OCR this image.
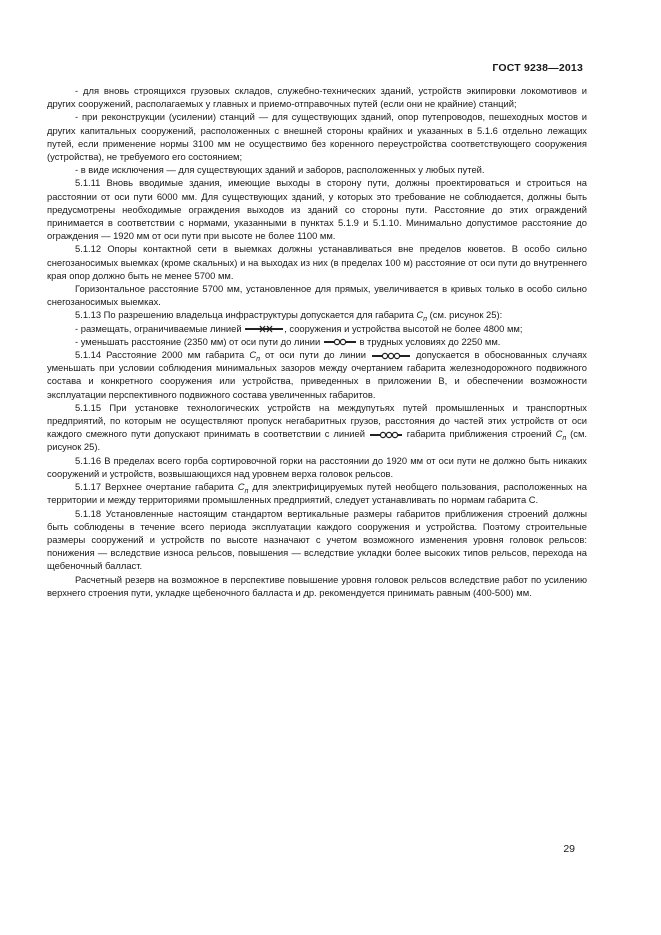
ГОСТ 9238—2013

- для вновь строящихся грузовых складов, служебно-технических зданий, устройств экипировки локомотивов и других сооружений, располагаемых у главных и приемо-отправочных путей (если они не крайние) станций;

- при реконструкции (усилении) станций — для существующих зданий, опор путепроводов, пешеходных мостов и других капитальных сооружений, расположенных с внешней стороны крайних и указанных в 5.1.6 отдельно лежащих путей, если применение нормы 3100 мм не осуществимо без коренного переустройства соответствующего сооружения (устройства), не требуемого его состоянием;

- в виде исключения — для существующих зданий и заборов, расположенных у любых путей.

5.1.11 Вновь вводимые здания, имеющие выходы в сторону пути, должны проектироваться и строиться на расстоянии от оси пути 6000 мм. Для существующих зданий, у которых это требование не соблюдается, должны быть предусмотрены необходимые ограждения выходов из зданий со стороны пути. Расстояние до этих ограждений принимается в соответствии с нормами, указанными в пунктах 5.1.9 и 5.1.10. Минимально допустимое расстояние до ограждения — 1920 мм от оси пути при высоте не более 1100 мм.

5.1.12 Опоры контактной сети в выемках должны устанавливаться вне пределов кюветов. В особо сильно снегозаносимых выемках (кроме скальных) и на выходах из них (в пределах 100 м) расстояние от оси пути до внутреннего края опор должно быть не менее 5700 мм.

Горизонтальное расстояние 5700 мм, установленное для прямых, увеличивается в кривых только в особо сильно снегозаносимых выемках.

5.1.13 По разрешению владельца инфраструктуры допускается для габарита $С_п$ (см. рисунок 25):

- размещать, ограничиваемые линией	, сооружения и устройства высотой не более 4800 мм;

- уменьшать расстояние (2350 мм) от оси пути до линии	в трудных условиях до 2250 мм.

5.1.14 Расстояние 2000 мм габарита $С_п$ от оси пути до линии	допускается в обоснованных случаях уменьшать при условии соблюдения минимальных зазоров между очертанием габарита железнодорожного подвижного состава и конкретного сооружения или устройства, приведенных в приложении В, и обеспечении возможности эксплуатации перспективного подвижного состава увеличенных габаритов.

5.1.15 При установке технологических устройств на междупутьях путей промышленных и транспортных предприятий, по которым не осуществляют пропуск негабаритных грузов, расстояния до частей этих устройств от оси каждого смежного пути допускают принимать в соответствии с линией	габарита приближения строений $С_п$ (см. рисунок 25).

5.1.16 В пределах всего горба сортировочной горки на расстоянии до 1920 мм от оси пути не должно быть никаких сооружений и устройств, возвышающихся над уровнем верха головок рельсов.

5.1.17 Верхнее очертание габарита $С_п$ для электрифицируемых путей необщего пользования, расположенных на территории и между территориями промышленных предприятий, следует устанавливать по нормам габарита С.

5.1.18 Установленные настоящим стандартом вертикальные размеры габаритов приближения строений должны быть соблюдены в течение всего периода эксплуатации каждого сооружения и устройства. Поэтому строительные размеры сооружений и устройств по высоте назначают с учетом возможного изменения уровня головок рельсов: понижения — вследствие износа рельсов, повышения — вследствие укладки более высоких типов рельсов, перехода на щебеночный балласт.

Расчетный резерв на возможное в перспективе повышение уровня головок рельсов вследствие работ по усилению верхнего строения пути, укладке щебеночного балласта и др. рекомендуется принимать равным (400-500) мм.

29
